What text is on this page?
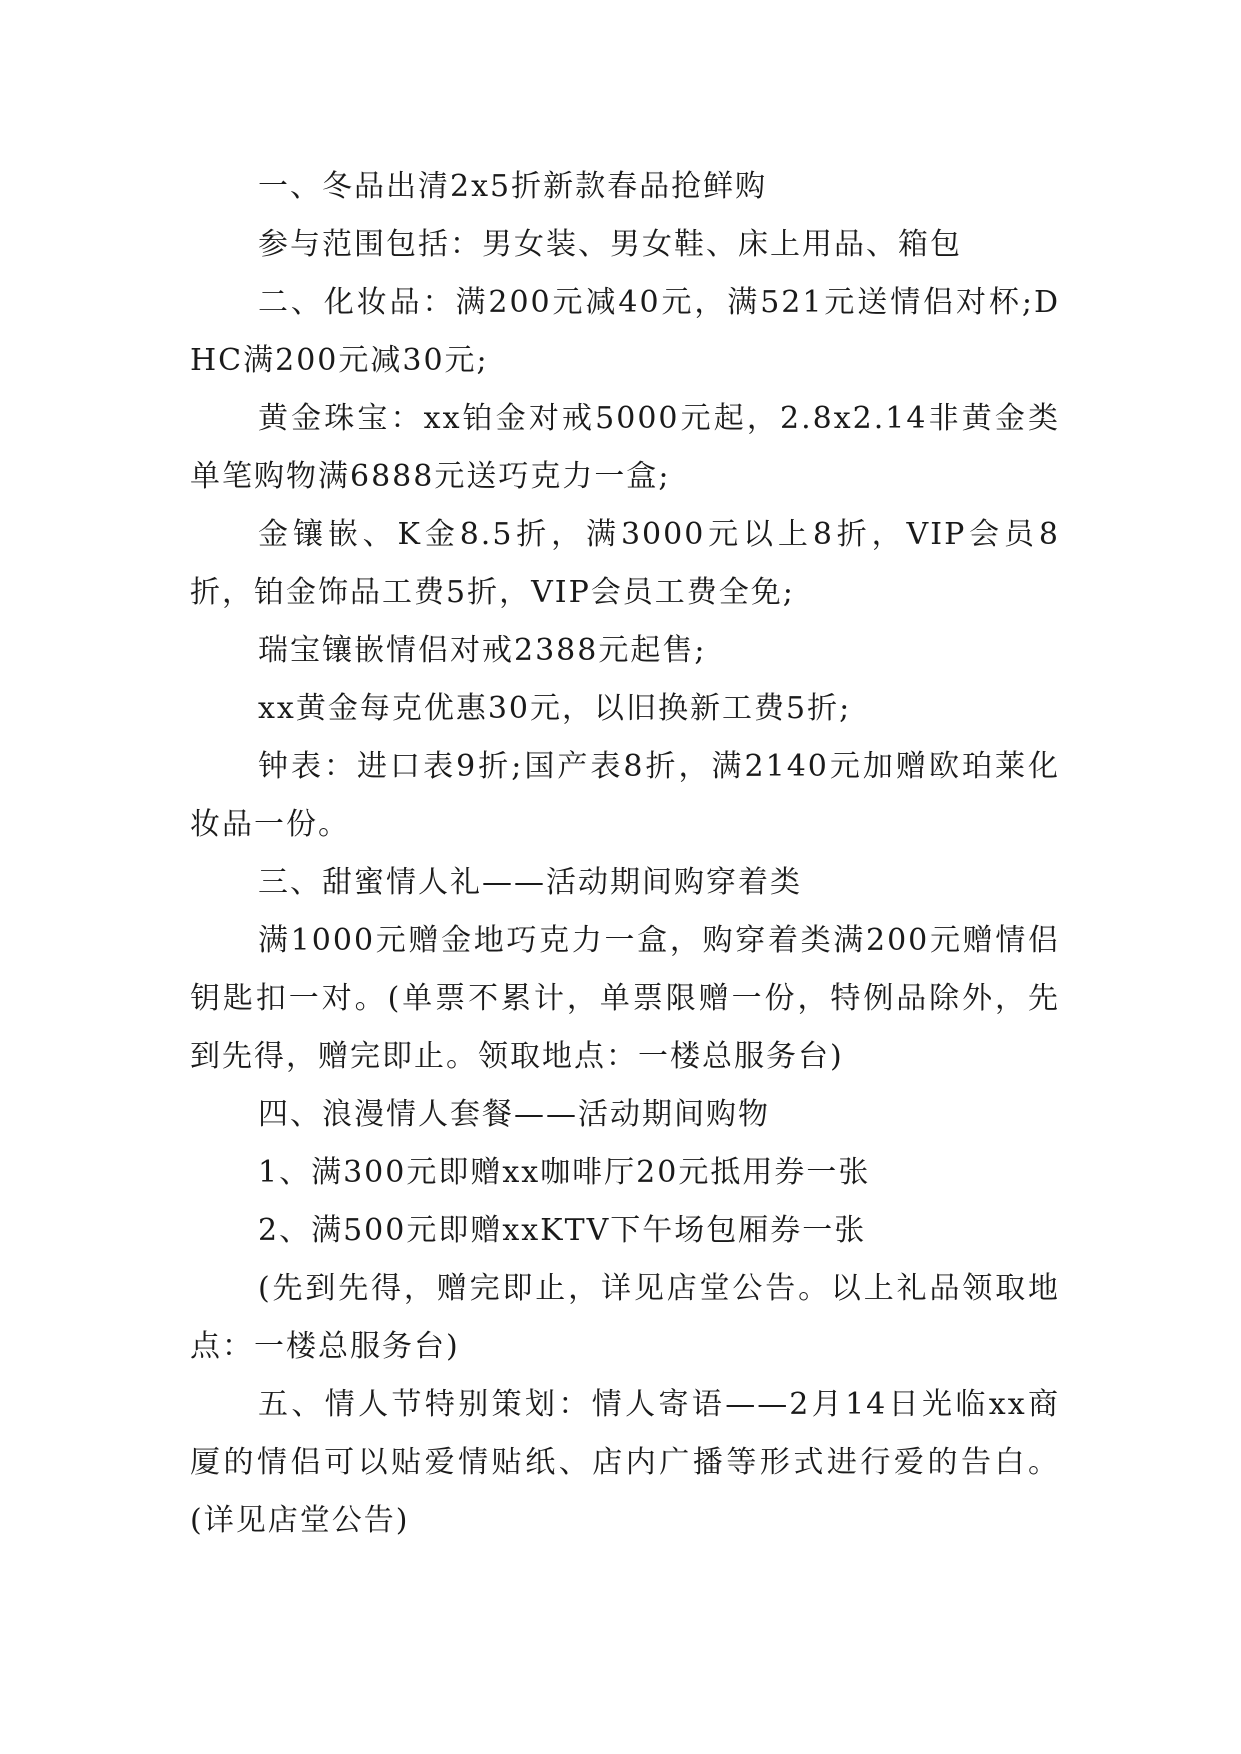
一、冬品出清2x5折新款春品抢鲜购

参与范围包括：男女装、男女鞋、床上用品、箱包

二、化妆品：满200元减40元，满521元送情侣对杯;DHC满200元减30元;

黄金珠宝：xx铂金对戒5000元起，2.8x2.14非黄金类单笔购物满6888元送巧克力一盒;

金镶嵌、K金8.5折，满3000元以上8折，VIP会员8折，铂金饰品工费5折，VIP会员工费全免;

瑞宝镶嵌情侣对戒2388元起售;

xx黄金每克优惠30元，以旧换新工费5折;

钟表：进口表9折;国产表8折，满2140元加赠欧珀莱化妆品一份。

三、甜蜜情人礼——活动期间购穿着类

满1000元赠金地巧克力一盒，购穿着类满200元赠情侣钥匙扣一对。(单票不累计，单票限赠一份，特例品除外，先到先得，赠完即止。领取地点：一楼总服务台)

四、浪漫情人套餐——活动期间购物

1、满300元即赠xx咖啡厅20元抵用券一张

2、满500元即赠xxKTV下午场包厢券一张

(先到先得，赠完即止，详见店堂公告。以上礼品领取地点：一楼总服务台)

五、情人节特别策划：情人寄语——2月14日光临xx商厦的情侣可以贴爱情贴纸、店内广播等形式进行爱的告白。(详见店堂公告)
